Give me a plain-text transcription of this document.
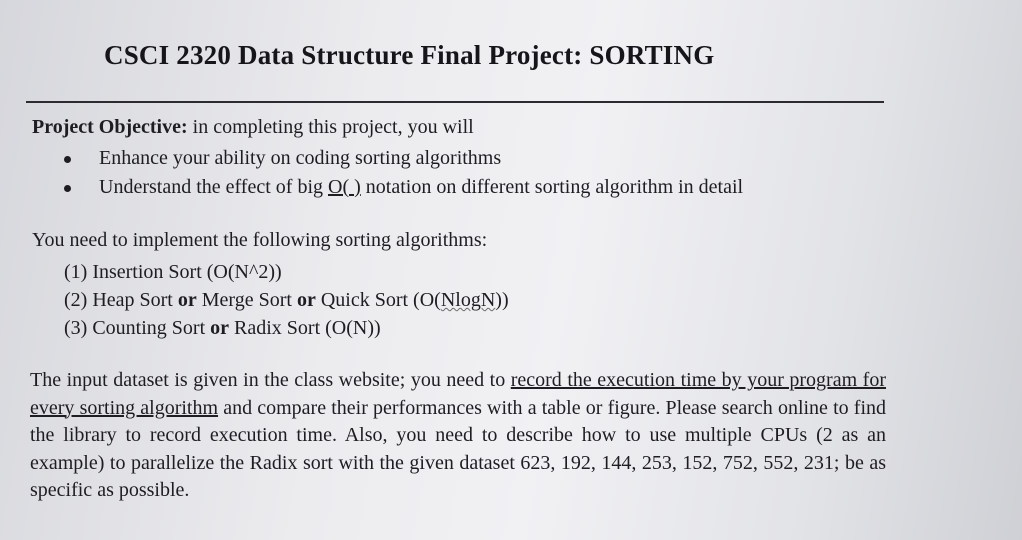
CSCI 2320 Data Structure Final Project: SORTING
Project Objective: in completing this project, you will
Enhance your ability on coding sorting algorithms
Understand the effect of big O( ) notation on different sorting algorithm in detail
You need to implement the following sorting algorithms:
(1) Insertion Sort (O(N^2))
(2) Heap Sort or Merge Sort or Quick Sort (O(NlogN))
(3) Counting Sort or Radix Sort (O(N))
The input dataset is given in the class website; you need to record the execution time by your program for every sorting algorithm and compare their performances with a table or figure. Please search online to find the library to record execution time. Also, you need to describe how to use multiple CPUs (2 as an example) to parallelize the Radix sort with the given dataset 623, 192, 144, 253, 152, 752, 552, 231; be as specific as possible.
